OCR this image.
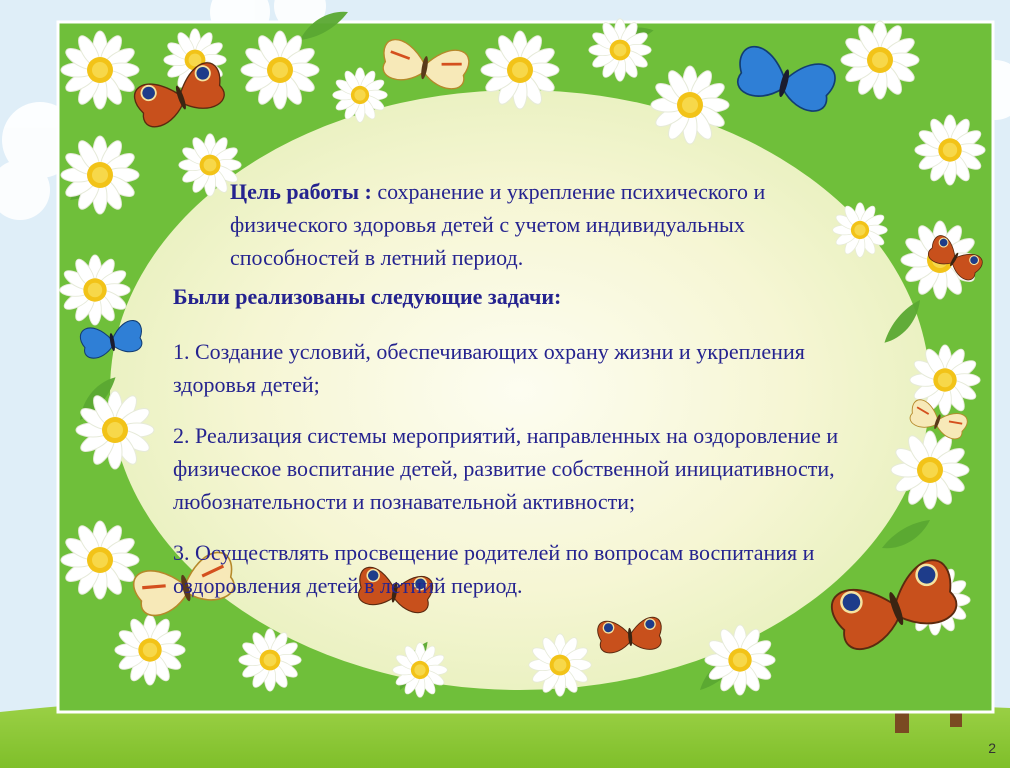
Цель работы : сохранение и укрепление психического и физического здоровья детей с учетом индивидуальных способностей в летний период.

Были реализованы следующие задачи:

1. Создание условий, обеспечивающих охрану жизни и укрепления здоровья детей;

2. Реализация системы мероприятий, направленных на оздоровление и физическое воспитание детей, развитие собственной инициативности, любознательности и познавательной активности;

3. Осуществлять просвещение родителей по вопросам воспитания и оздоровления детей в летний период.

2
